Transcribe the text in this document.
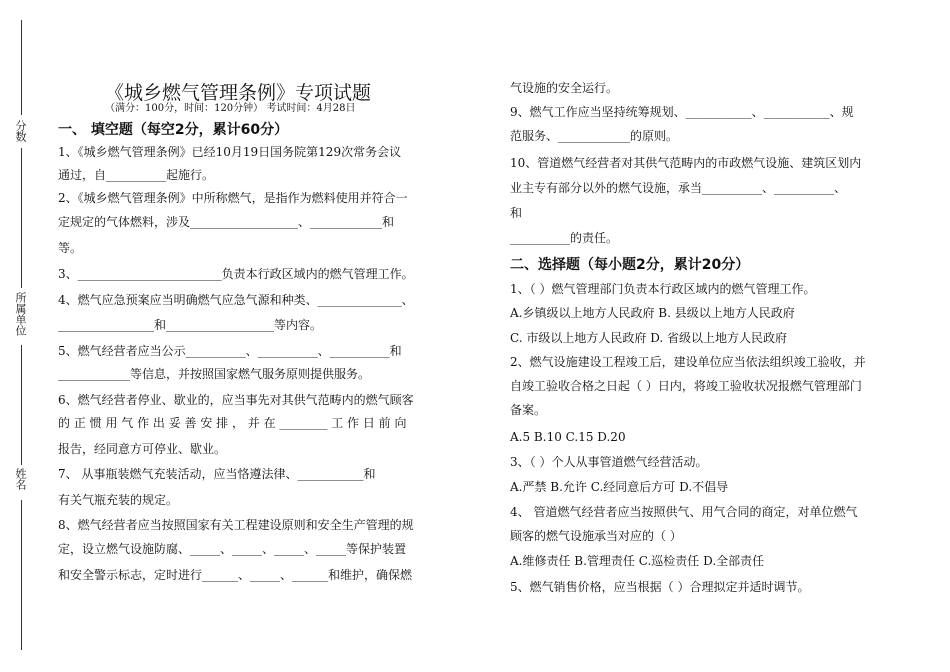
分数
所属单位
姓名
《城乡燃气管理条例》专项试题
（满分：100分，时间：120分钟） 考试时间：4月28日
一、 填空题（每空2分，累计60分）
1、《城乡燃气管理条例》已经10月19日国务院第129次常务会议
通过，自__________起施行。
2、《城乡燃气管理条例》中所称燃气，是指作为燃料使用并符合一
定规定的气体燃料，涉及__________________、____________和
等。
3、________________________负责本行政区域内的燃气管理工作。
4、燃气应急预案应当明确燃气应急气源和种类、______________、
________________和__________________等内容。
5、燃气经营者应当公示__________、__________、__________和
____________等信息，并按照国家燃气服务原则提供服务。
6、燃气经营者停业、歇业的，应当事先对其供气范畴内的燃气顾客
的 正 惯 用 气 作 出 妥 善 安 排 ， 并 在 ________ 工 作 日 前 向
报告，经同意方可停业、歇业。
7、 从事瓶装燃气充装活动，应当恪遵法律、___________和
有关气瓶充装的规定。
8、燃气经营者应当按照国家有关工程建设原则和安全生产管理的规
定，设立燃气设施防腐、_____、_____、_____、_____等保护装置
和安全警示标志，定时进行______、_____、______和维护，确保燃
气设施的安全运行。
9、燃气工作应当坚持统筹规划、___________、___________、规
范服务、____________的原则。
10、管道燃气经营者对其供气范畴内的市政燃气设施、建筑区划内
业主专有部分以外的燃气设施，承当__________、__________、
和
__________的责任。
二、选择题（每小题2分，累计20分）
1、（ ）燃气管理部门负责本行政区域内的燃气管理工作。
A.乡镇级以上地方人民政府 B. 县级以上地方人民政府
C. 市级以上地方人民政府 D. 省级以上地方人民政府
2、燃气设施建设工程竣工后，建设单位应当依法组织竣工验收，并
自竣工验收合格之日起（ ）日内，将竣工验收状况报燃气管理部门
备案。
A.5 B.10 C.15 D.20
3、（ ）个人从事管道燃气经营活动。
A.严禁 B.允许 C.经同意后方可 D.不倡导
4、 管道燃气经营者应当按照供气、用气合同的商定，对单位燃气
顾客的燃气设施承当对应的（ ）
A.维修责任 B.管理责任 C.巡检责任 D.全部责任
5、燃气销售价格，应当根据（ ）合理拟定并适时调节。
